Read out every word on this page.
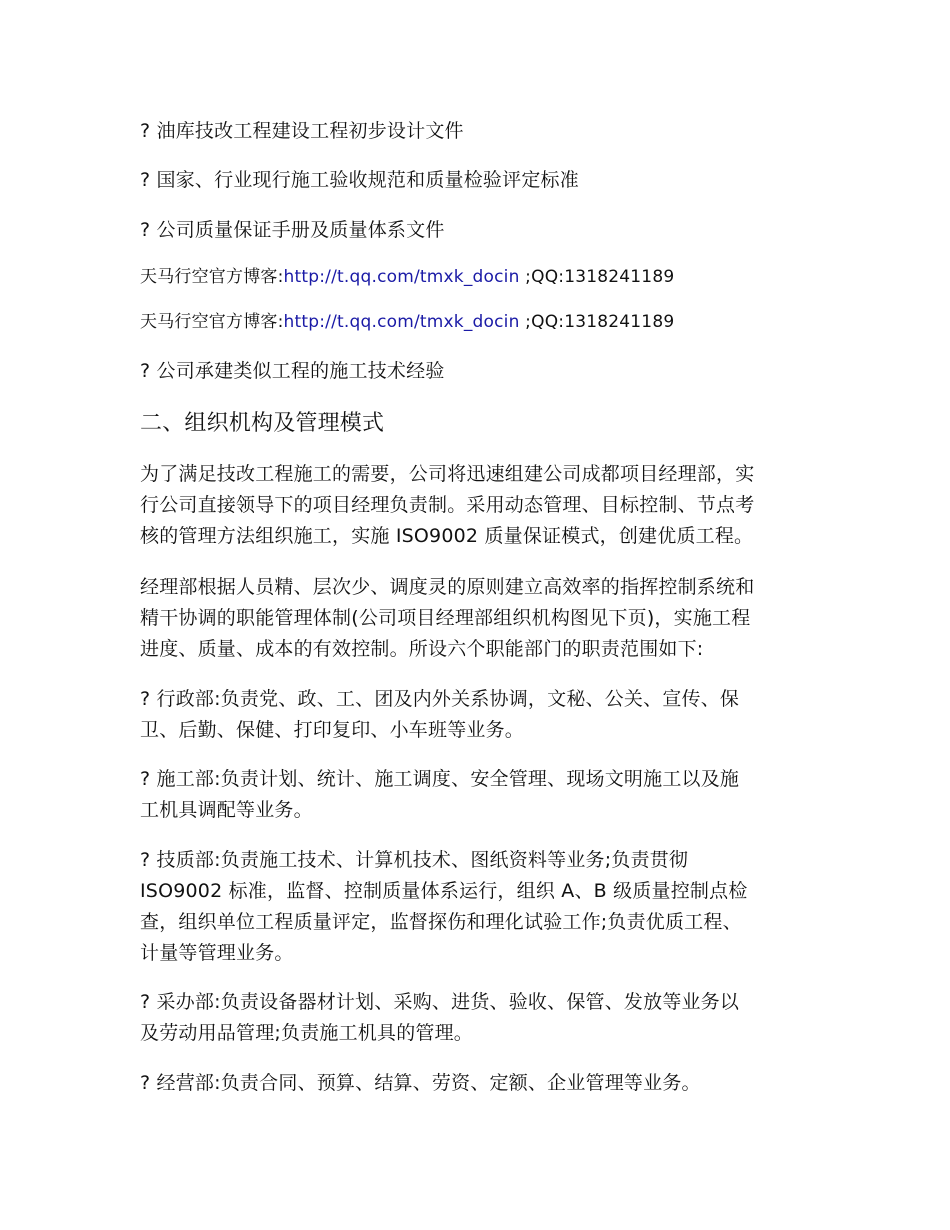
? 油库技改工程建设工程初步设计文件
? 国家、行业现行施工验收规范和质量检验评定标准
? 公司质量保证手册及质量体系文件
天马行空官方博客:http://t.qq.com/tmxk_docin ;QQ:1318241189
天马行空官方博客:http://t.qq.com/tmxk_docin ;QQ:1318241189
? 公司承建类似工程的施工技术经验
二、组织机构及管理模式
为了满足技改工程施工的需要，公司将迅速组建公司成都项目经理部，实
行公司直接领导下的项目经理负责制。采用动态管理、目标控制、节点考
核的管理方法组织施工，实施 ISO9002 质量保证模式，创建优质工程。
经理部根据人员精、层次少、调度灵的原则建立高效率的指挥控制系统和
精干协调的职能管理体制(公司项目经理部组织机构图见下页)，实施工程
进度、质量、成本的有效控制。所设六个职能部门的职责范围如下:
? 行政部:负责党、政、工、团及内外关系协调，文秘、公关、宣传、保
卫、后勤、保健、打印复印、小车班等业务。
? 施工部:负责计划、统计、施工调度、安全管理、现场文明施工以及施
工机具调配等业务。
? 技质部:负责施工技术、计算机技术、图纸资料等业务;负责贯彻
ISO9002 标准，监督、控制质量体系运行，组织 A、B 级质量控制点检
查，组织单位工程质量评定，监督探伤和理化试验工作;负责优质工程、
计量等管理业务。
? 采办部:负责设备器材计划、采购、进货、验收、保管、发放等业务以
及劳动用品管理;负责施工机具的管理。
? 经营部:负责合同、预算、结算、劳资、定额、企业管理等业务。
